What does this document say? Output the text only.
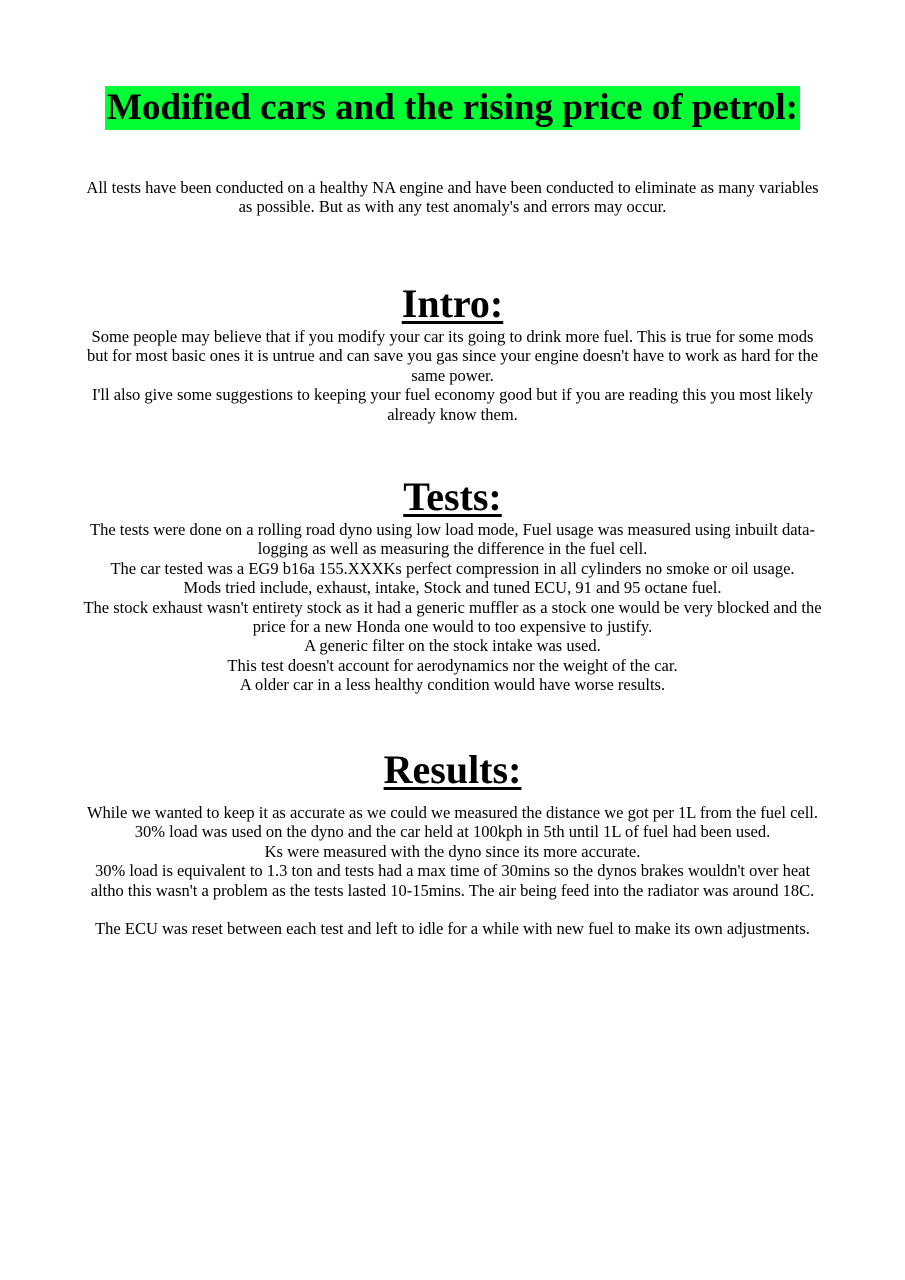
Modified cars and the rising price of petrol:

All tests have been conducted on a healthy NA engine and have been conducted to eliminate as many variables as possible. But as with any test anomaly's and errors may occur.

Intro:

Some people may believe that if you modify your car its going to drink more fuel. This is true for some mods but for most basic ones it is untrue and can save you gas since your engine doesn't have to work as hard for the same power.

I'll also give some suggestions to keeping your fuel economy good but if you are reading this you most likely already know them.

Tests:

The tests were done on a rolling road dyno using low load mode, Fuel usage was measured using inbuilt data-logging as well as measuring the difference in the fuel cell.

The car tested was a EG9 b16a 155.XXXKs perfect compression in all cylinders no smoke or oil usage.

Mods tried include, exhaust, intake, Stock and tuned ECU, 91 and 95 octane fuel.

The stock exhaust wasn't entirety stock as it had a generic muffler as a stock one would be very blocked and the price for a new Honda one would to too expensive to justify.

A generic filter on the stock intake was used.

This test doesn't account for aerodynamics nor the weight of the car.

A older car in a less healthy condition would have worse results.

Results:

While we wanted to keep it as accurate as we could we measured the distance we got per 1L from the fuel cell. 30% load was used on the dyno and the car held at 100kph in 5th until 1L of fuel had been used.

Ks were measured with the dyno since its more accurate.

30% load is equivalent to 1.3 ton and tests had a max time of 30mins so the dynos brakes wouldn't over heat altho this wasn't a problem as the tests lasted 10-15mins. The air being feed into the radiator was around 18C.

The ECU was reset between each test and left to idle for a while with new fuel to make its own adjustments.
